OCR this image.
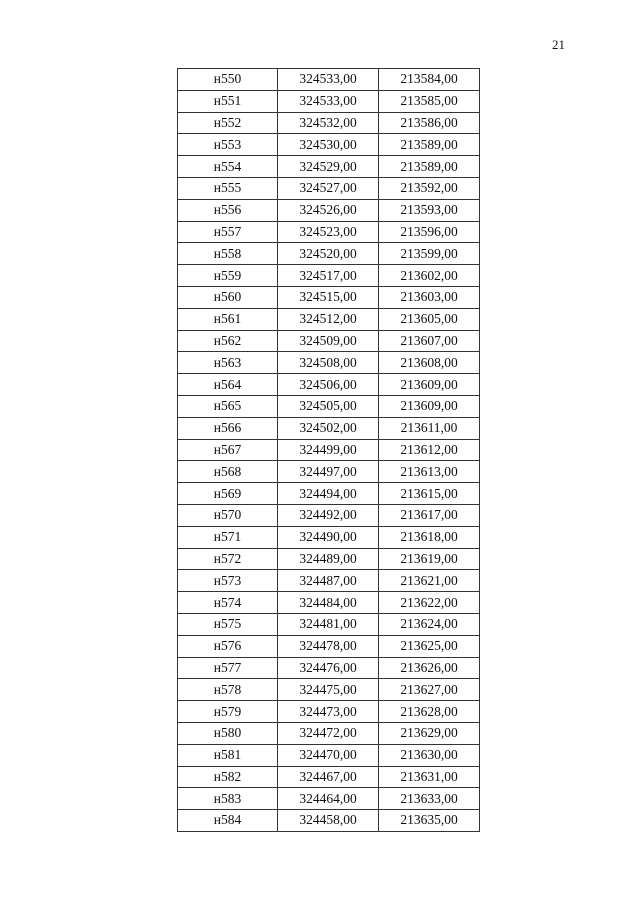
21
н550	324533,00	213584,00
н551	324533,00	213585,00
н552	324532,00	213586,00
н553	324530,00	213589,00
н554	324529,00	213589,00
н555	324527,00	213592,00
н556	324526,00	213593,00
н557	324523,00	213596,00
н558	324520,00	213599,00
н559	324517,00	213602,00
н560	324515,00	213603,00
н561	324512,00	213605,00
н562	324509,00	213607,00
н563	324508,00	213608,00
н564	324506,00	213609,00
н565	324505,00	213609,00
н566	324502,00	213611,00
н567	324499,00	213612,00
н568	324497,00	213613,00
н569	324494,00	213615,00
н570	324492,00	213617,00
н571	324490,00	213618,00
н572	324489,00	213619,00
н573	324487,00	213621,00
н574	324484,00	213622,00
н575	324481,00	213624,00
н576	324478,00	213625,00
н577	324476,00	213626,00
н578	324475,00	213627,00
н579	324473,00	213628,00
н580	324472,00	213629,00
н581	324470,00	213630,00
н582	324467,00	213631,00
н583	324464,00	213633,00
н584	324458,00	213635,00
